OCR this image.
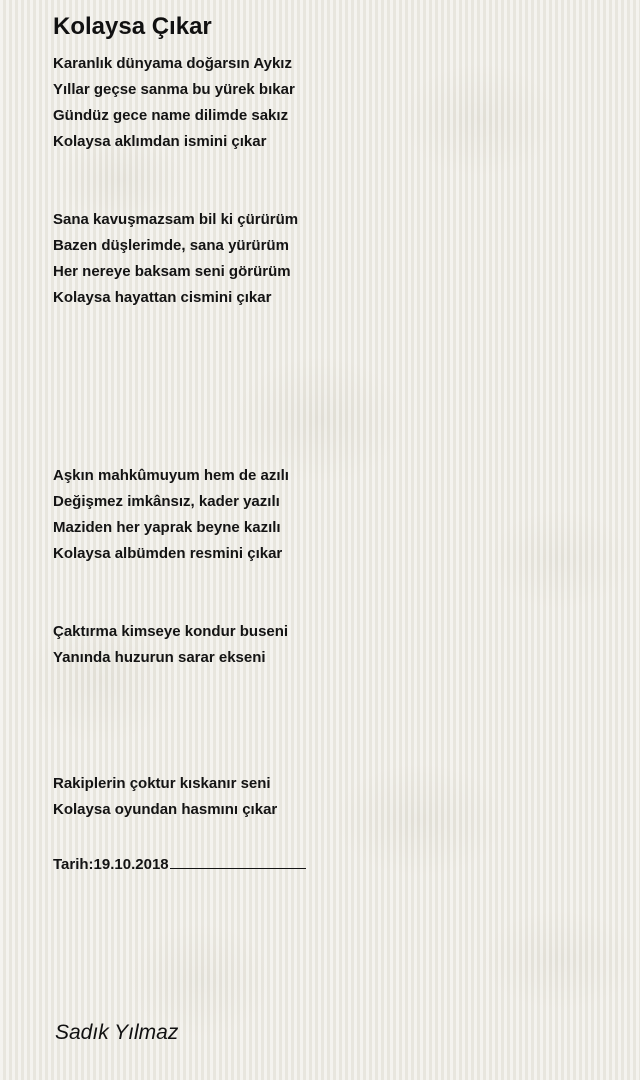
Kolaysa Çıkar
Karanlık dünyama doğarsın Aykız
Yıllar geçse sanma bu yürek bıkar
Gündüz gece name dilimde sakız
Kolaysa aklımdan ismini çıkar
Sana kavuşmazsam bil ki çürürüm
Bazen düşlerimde, sana yürürüm
Her nereye baksam seni görürüm
Kolaysa hayattan cismini çıkar
Aşkın mahkûmuyum hem de azılı
Değişmez imkânsız, kader yazılı
Maziden her yaprak beyne kazılı
Kolaysa albümden resmini çıkar
Çaktırma kimseye kondur buseni
Yanında huzurun sarar ekseni
Rakiplerin çoktur kıskanır seni
Kolaysa oyundan hasmını çıkar
Tarih:19.10.2018
Sadık Yılmaz
